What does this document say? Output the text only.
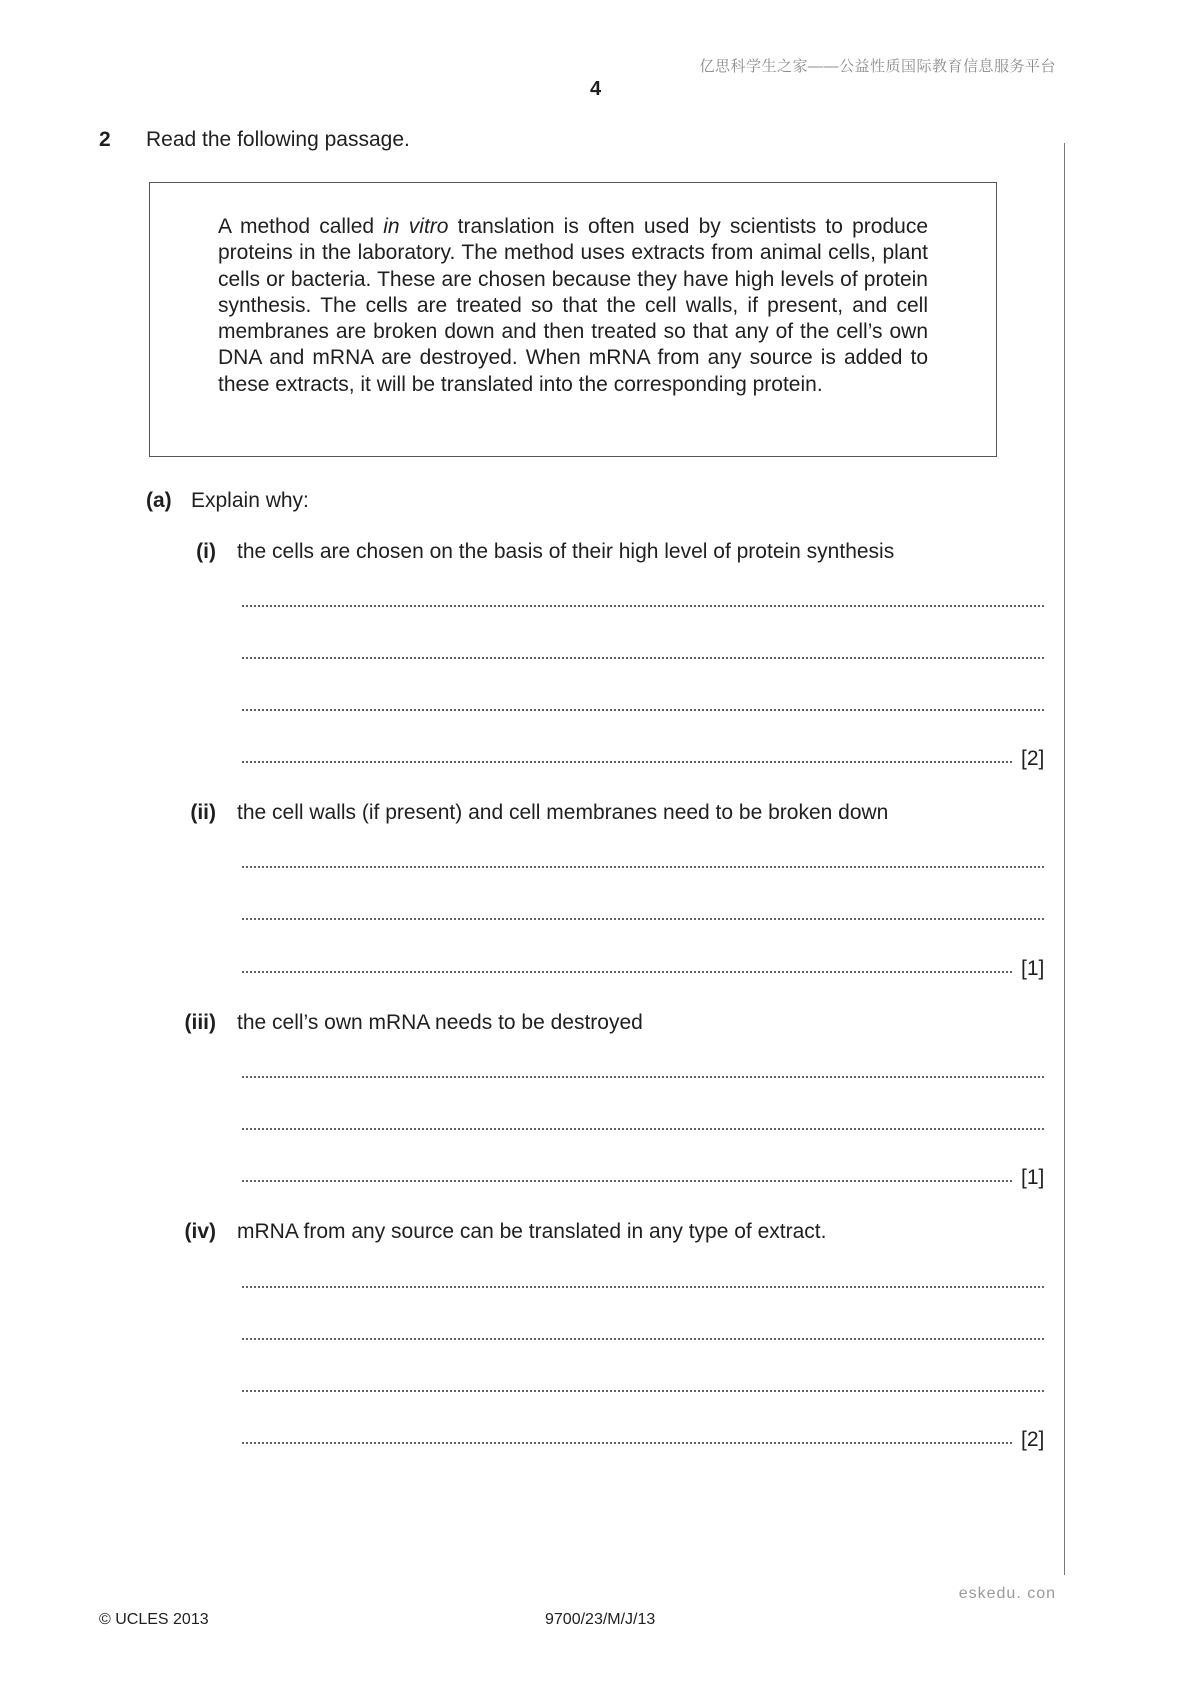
亿思科学生之家——公益性质国际教育信息服务平台
4
2 Read the following passage.
A method called in vitro translation is often used by scientists to produce proteins in the laboratory. The method uses extracts from animal cells, plant cells or bacteria. These are chosen because they have high levels of protein synthesis. The cells are treated so that the cell walls, if present, and cell membranes are broken down and then treated so that any of the cell’s own DNA and mRNA are destroyed. When mRNA from any source is added to these extracts, it will be translated into the corresponding protein.
(a) Explain why:
(i) the cells are chosen on the basis of their high level of protein synthesis
[2]
(ii) the cell walls (if present) and cell membranes need to be broken down
[1]
(iii) the cell’s own mRNA needs to be destroyed
[1]
(iv) mRNA from any source can be translated in any type of extract.
[2]
eskedu. con
© UCLES 2013	9700/23/M/J/13
